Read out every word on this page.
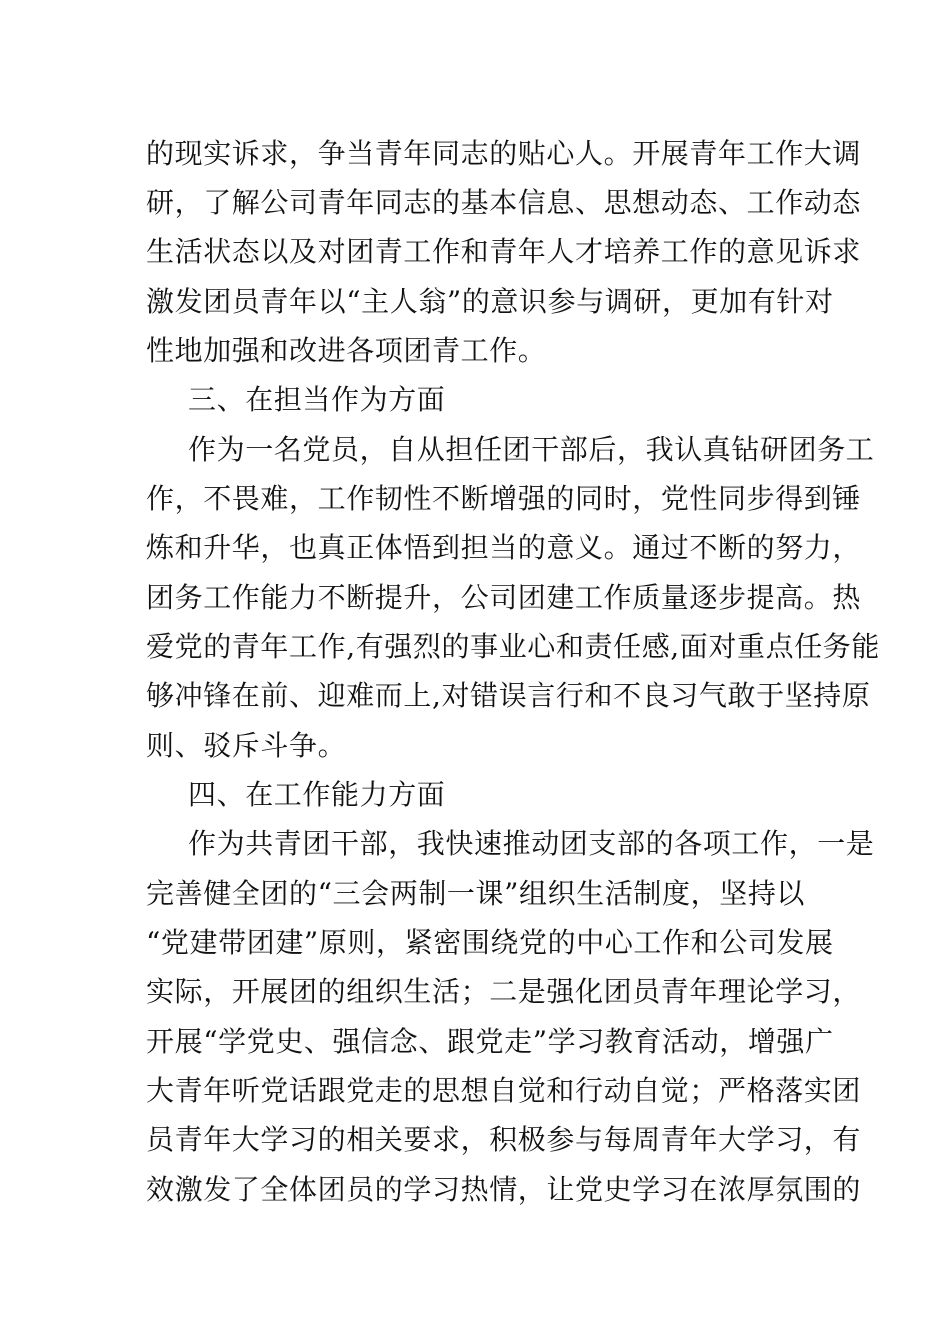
的现实诉求，争当青年同志的贴心人。开展青年工作大调
研，了解公司青年同志的基本信息、思想动态、工作动态
生活状态以及对团青工作和青年人才培养工作的意见诉求
激发团员青年以“主人翁”的意识参与调研，更加有针对
性地加强和改进各项团青工作。
三、在担当作为方面
作为一名党员，自从担任团干部后，我认真钻研团务工
作，不畏难，工作韧性不断增强的同时，党性同步得到锤
炼和升华，也真正体悟到担当的意义。通过不断的努力，
团务工作能力不断提升，公司团建工作质量逐步提高。热
爱党的青年工作,有强烈的事业心和责任感,面对重点任务能
够冲锋在前、迎难而上,对错误言行和不良习气敢于坚持原
则、驳斥斗争。
四、在工作能力方面
作为共青团干部，我快速推动团支部的各项工作，一是
完善健全团的“三会两制一课”组织生活制度，坚持以
“党建带团建”原则，紧密围绕党的中心工作和公司发展
实际，开展团的组织生活；二是强化团员青年理论学习，
开展“学党史、强信念、跟党走”学习教育活动，增强广
大青年听党话跟党走的思想自觉和行动自觉；严格落实团
员青年大学习的相关要求，积极参与每周青年大学习，有
效激发了全体团员的学习热情，让党史学习在浓厚氛围的
